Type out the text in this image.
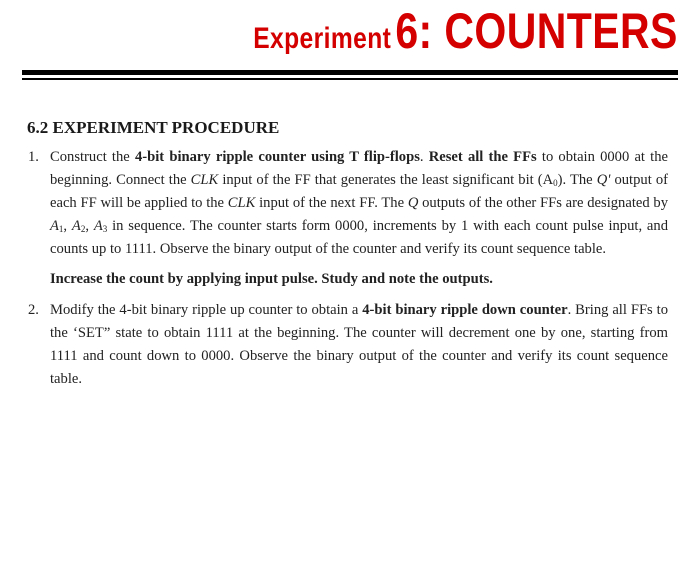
Experiment 6: COUNTERS
6.2 EXPERIMENT PROCEDURE
1. Construct the 4-bit binary ripple counter using T flip-flops. Reset all the FFs to obtain 0000 at the beginning. Connect the CLK input of the FF that generates the least significant bit $(A_0)$. The Q' output of each FF will be applied to the CLK input of the next FF. The Q outputs of the other FFs are designated by $A_1$, $A_2$, $A_3$ in sequence. The counter starts form 0000, increments by 1 with each count pulse input, and counts up to 1111. Observe the binary output of the counter and verify its count sequence table.

Increase the count by applying input pulse. Study and note the outputs.

2. Modify the 4-bit binary ripple up counter to obtain a 4-bit binary ripple down counter. Bring all FFs to the ‘SET” state to obtain 1111 at the beginning. The counter will decrement one by one, starting from 1111 and count down to 0000. Observe the binary output of the counter and verify its count sequence table.
